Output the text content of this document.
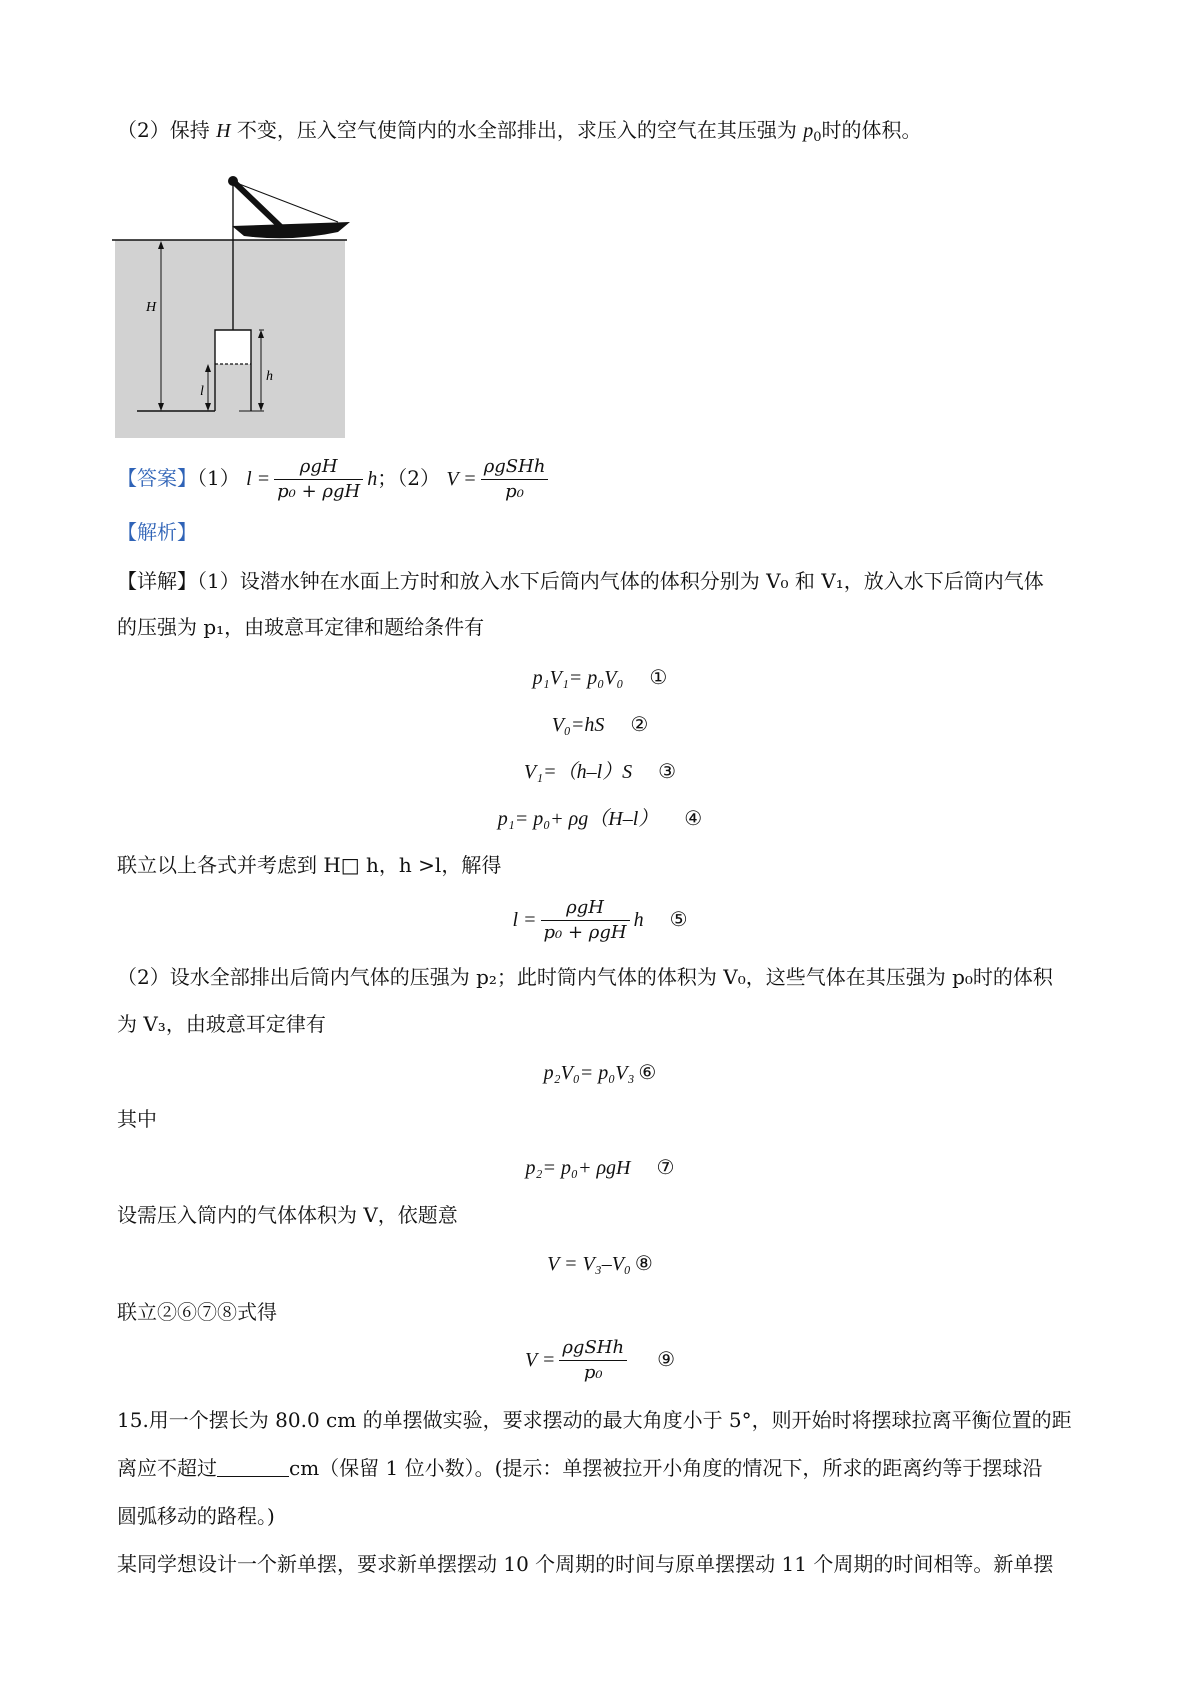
（2）保持 H 不变，压入空气使筒内的水全部排出，求压入的空气在其压强为 $p_0$时的体积。
H
h
l
【答案】（1） $l = \frac{\text{ρgH}}{\text{p₀ + ρgH}}$ h；（2） $V = \frac{\text{ρgSHh}}{\text{p₀}}$
【解析】
【详解】（1）设潜水钟在水面上方时和放入水下后筒内气体的体积分别为 V₀ 和 V₁，放入水下后筒内气体
的压强为 p₁，由玻意耳定律和题给条件有
p₁V₁= p₀V₀ ①
V₀=hS ②
V₁=（h–l）S ③
p₁= p₀+ ρg（H–l） ④
联立以上各式并考虑到 H□ h，h >l，解得
$l = \frac{\text{ρgH}}{\text{p₀ + ρgH}}$ h ⑤
（2）设水全部排出后筒内气体的压强为 p₂；此时筒内气体的体积为 V₀，这些气体在其压强为 p₀时的体积
为 V₃，由玻意耳定律有
p₂V₀= p₀V₃ ⑥
其中
p₂= p₀+ ρgH ⑦
设需压入筒内的气体体积为 V，依题意
V = V₃–V₀ ⑧
联立②⑥⑦⑧式得
$V = \frac{\text{ρgSHh}}{\text{p₀}}$ ⑨
15.用一个摆长为 80.0 cm 的单摆做实验，要求摆动的最大角度小于 5°，则开始时将摆球拉离平衡位置的距
离应不超过	cm（保留 1 位小数）。(提示：单摆被拉开小角度的情况下，所求的距离约等于摆球沿
圆弧移动的路程。)
某同学想设计一个新单摆，要求新单摆摆动 10 个周期的时间与原单摆摆动 11 个周期的时间相等。新单摆
